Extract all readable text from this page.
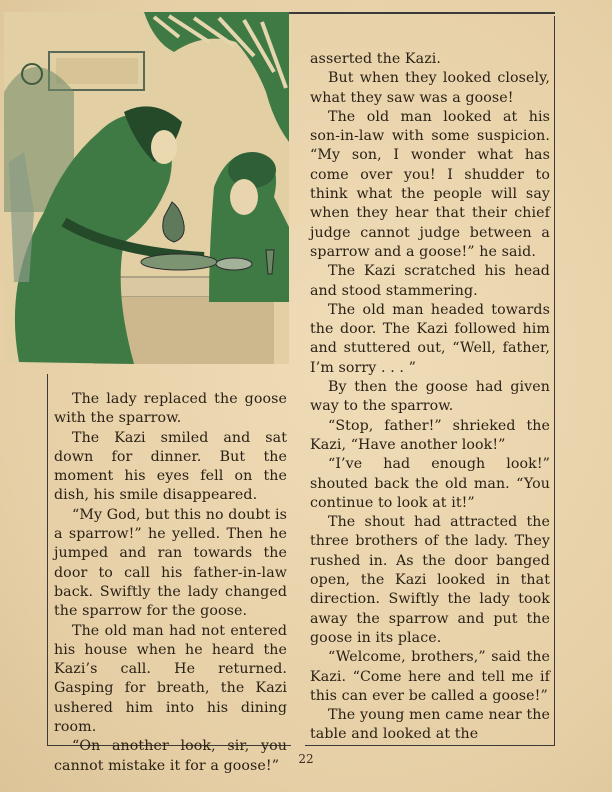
The lady replaced the goose with the sparrow.

The Kazi smiled and sat down for dinner. But the moment his eyes fell on the dish, his smile disappeared.

“My God, but this no doubt is a sparrow!” he yelled. Then he jumped and ran towards the door to call his father-in-law back. Swiftly the lady changed the sparrow for the goose.

The old man had not entered his house when he heard the Kazi’s call. He returned. Gasping for breath, the Kazi ushered him into his dining room.

“On another look, sir, you cannot mistake it for a goose!”

asserted the Kazi.

But when they looked closely, what they saw was a goose!

The old man looked at his son-in-law with some suspicion. “My son, I wonder what has come over you! I shudder to think what the people will say when they hear that their chief judge cannot judge between a sparrow and a goose!” he said.

The Kazi scratched his head and stood stammering.

The old man headed towards the door. The Kazi followed him and stuttered out, “Well, father, I’m sorry . . . ”

By then the goose had given way to the sparrow.

“Stop, father!” shrieked the Kazi, “Have another look!”

“I’ve had enough look!” shouted back the old man. “You continue to look at it!”

The shout had attracted the three brothers of the lady. They rushed in. As the door banged open, the Kazi looked in that direction. Swiftly the lady took away the sparrow and put the goose in its place.

“Welcome, brothers,” said the Kazi. “Come here and tell me if this can ever be called a goose!”

The young men came near the table and looked at the

22
